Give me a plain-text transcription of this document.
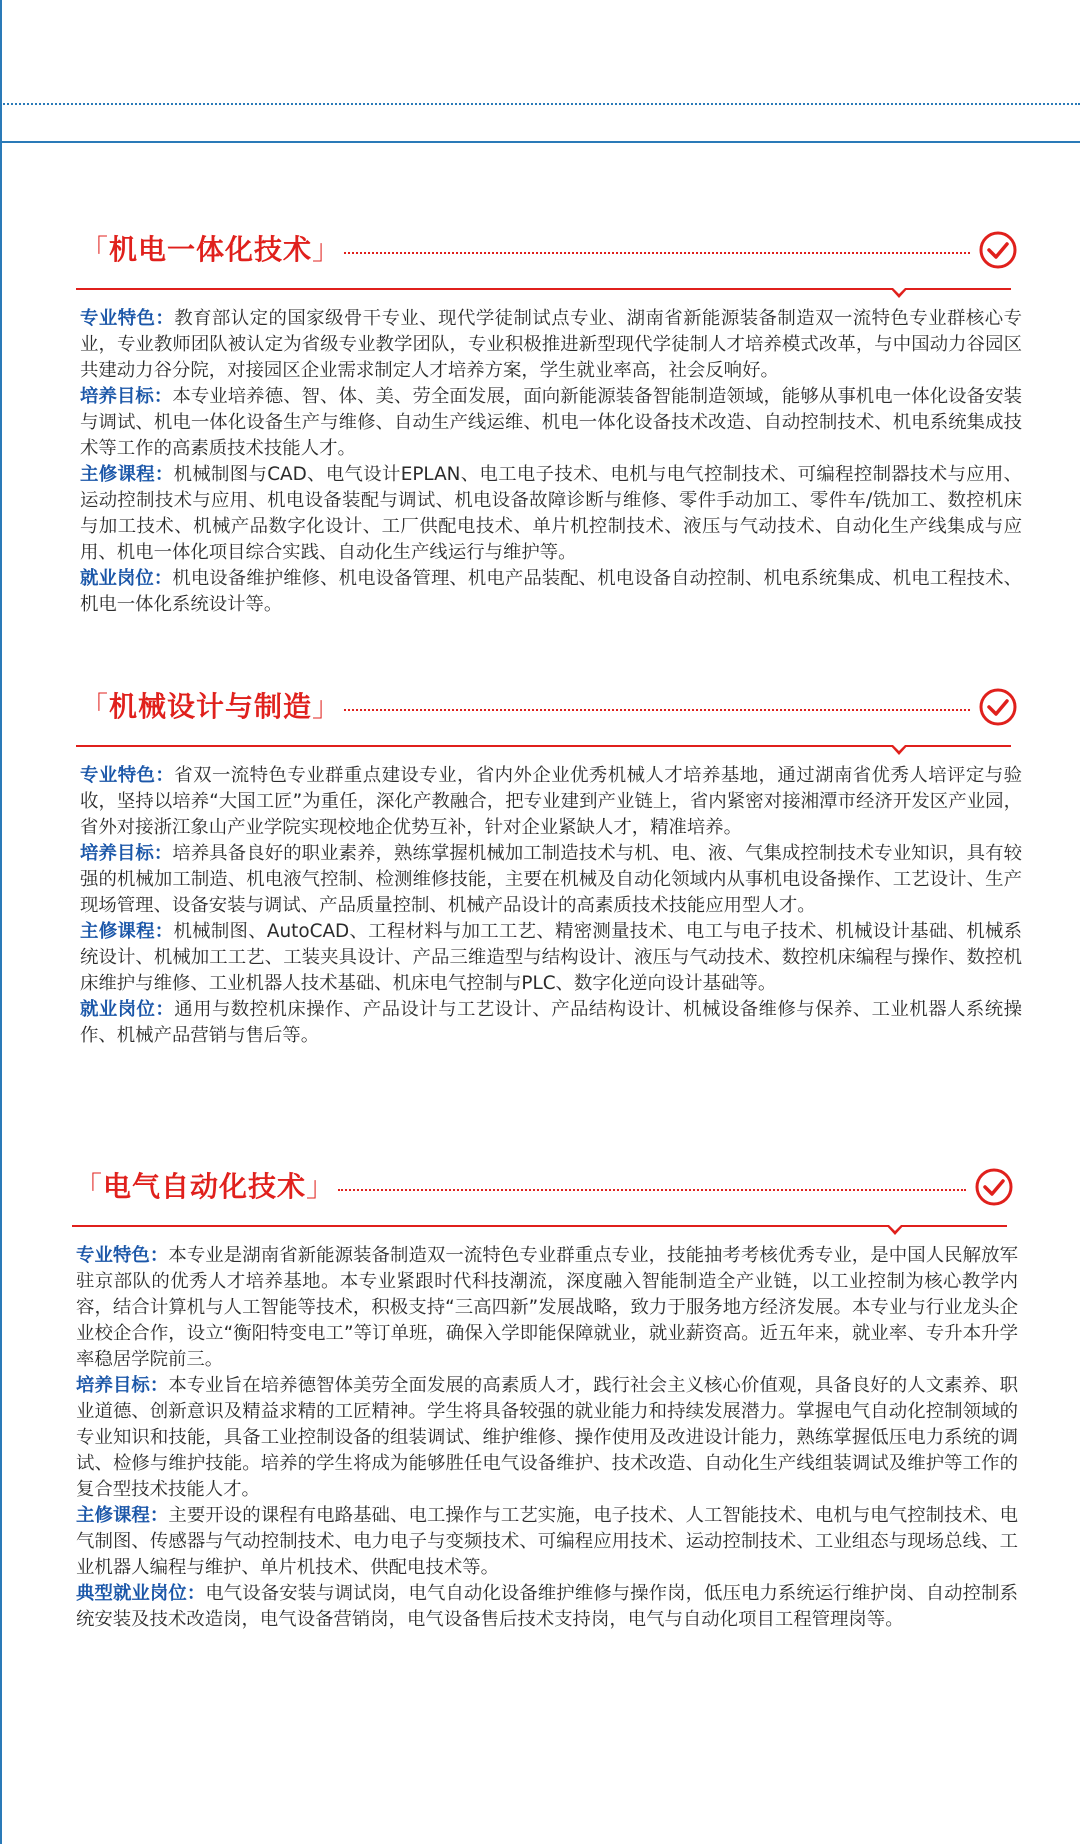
「机电一体化技术」

专业特色：教育部认定的国家级骨干专业、现代学徒制试点专业、湖南省新能源装备制造双一流特色专业群核心专业，专业教师团队被认定为省级专业教学团队，专业积极推进新型现代学徒制人才培养模式改革，与中国动力谷园区共建动力谷分院，对接园区企业需求制定人才培养方案，学生就业率高，社会反响好。

培养目标：本专业培养德、智、体、美、劳全面发展，面向新能源装备智能制造领域，能够从事机电一体化设备安装与调试、机电一体化设备生产与维修、自动生产线运维、机电一体化设备技术改造、自动控制技术、机电系统集成技术等工作的高素质技术技能人才。

主修课程：机械制图与CAD、电气设计EPLAN、电工电子技术、电机与电气控制技术、可编程控制器技术与应用、运动控制技术与应用、机电设备装配与调试、机电设备故障诊断与维修、零件手动加工、零件车/铣加工、数控机床与加工技术、机械产品数字化设计、工厂供配电技术、单片机控制技术、液压与气动技术、自动化生产线集成与应用、机电一体化项目综合实践、自动化生产线运行与维护等。

就业岗位：机电设备维护维修、机电设备管理、机电产品装配、机电设备自动控制、机电系统集成、机电工程技术、机电一体化系统设计等。

「机械设计与制造」

专业特色：省双一流特色专业群重点建设专业，省内外企业优秀机械人才培养基地，通过湖南省优秀人培评定与验收，坚持以培养“大国工匠”为重任，深化产教融合，把专业建到产业链上，省内紧密对接湘潭市经济开发区产业园，省外对接浙江象山产业学院实现校地企优势互补，针对企业紧缺人才，精准培养。

培养目标：培养具备良好的职业素养，熟练掌握机械加工制造技术与机、电、液、气集成控制技术专业知识，具有较强的机械加工制造、机电液气控制、检测维修技能，主要在机械及自动化领域内从事机电设备操作、工艺设计、生产现场管理、设备安装与调试、产品质量控制、机械产品设计的高素质技术技能应用型人才。

主修课程：机械制图、AutoCAD、工程材料与加工工艺、精密测量技术、电工与电子技术、机械设计基础、机械系统设计、机械加工工艺、工装夹具设计、产品三维造型与结构设计、液压与气动技术、数控机床编程与操作、数控机床维护与维修、工业机器人技术基础、机床电气控制与PLC、数字化逆向设计基础等。

就业岗位：通用与数控机床操作、产品设计与工艺设计、产品结构设计、机械设备维修与保养、工业机器人系统操作、机械产品营销与售后等。

「电气自动化技术」

专业特色：本专业是湖南省新能源装备制造双一流特色专业群重点专业，技能抽考考核优秀专业，是中国人民解放军驻京部队的优秀人才培养基地。本专业紧跟时代科技潮流，深度融入智能制造全产业链，以工业控制为核心教学内容，结合计算机与人工智能等技术，积极支持“三高四新”发展战略，致力于服务地方经济发展。本专业与行业龙头企业校企合作，设立“衡阳特变电工”等订单班，确保入学即能保障就业，就业薪资高。近五年来，就业率、专升本升学率稳居学院前三。

培养目标：本专业旨在培养德智体美劳全面发展的高素质人才，践行社会主义核心价值观，具备良好的人文素养、职业道德、创新意识及精益求精的工匠精神。学生将具备较强的就业能力和持续发展潜力。掌握电气自动化控制领域的专业知识和技能，具备工业控制设备的组装调试、维护维修、操作使用及改进设计能力，熟练掌握低压电力系统的调试、检修与维护技能。培养的学生将成为能够胜任电气设备维护、技术改造、自动化生产线组装调试及维护等工作的复合型技术技能人才。

主修课程：主要开设的课程有电路基础、电工操作与工艺实施，电子技术、人工智能技术、电机与电气控制技术、电气制图、传感器与气动控制技术、电力电子与变频技术、可编程应用技术、运动控制技术、工业组态与现场总线、工业机器人编程与维护、单片机技术、供配电技术等。

典型就业岗位：电气设备安装与调试岗，电气自动化设备维护维修与操作岗，低压电力系统运行维护岗、自动控制系统安装及技术改造岗，电气设备营销岗，电气设备售后技术支持岗，电气与自动化项目工程管理岗等。
